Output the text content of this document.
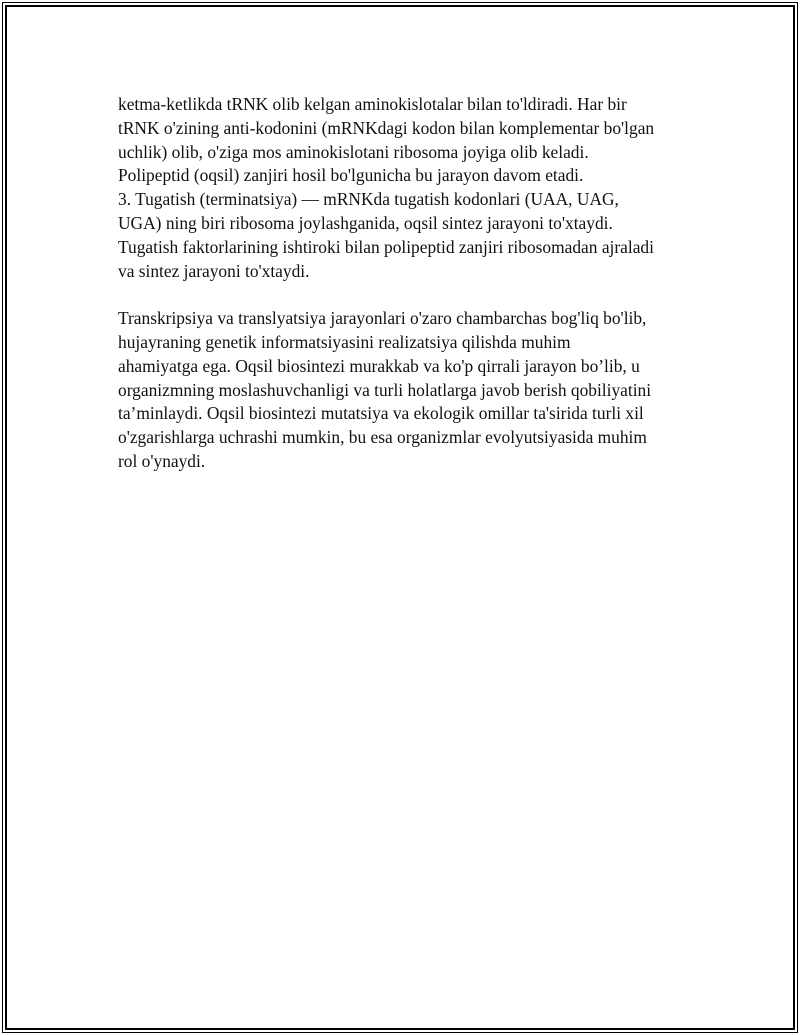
ketma-ketlikda tRNK olib kelgan aminokislotalar bilan to'ldiradi. Har bir
tRNK o'zining anti-kodonini (mRNKdagi kodon bilan komplementar bo'lgan
uchlik) olib, o'ziga mos aminokislotani ribosoma joyiga olib keladi.
Polipeptid (oqsil) zanjiri hosil bo'lgunicha bu jarayon davom etadi.
3. Tugatish (terminatsiya) — mRNKda tugatish kodonlari (UAA, UAG,
UGA) ning biri ribosoma joylashganida, oqsil sintez jarayoni to'xtaydi.
Tugatish faktorlarining ishtiroki bilan polipeptid zanjiri ribosomadan ajraladi
va sintez jarayoni to'xtaydi.
Transkripsiya va translyatsiya jarayonlari o'zaro chambarchas bog'liq bo'lib,
hujayraning genetik informatsiyasini realizatsiya qilishda muhim
ahamiyatga ega. Oqsil biosintezi murakkab va ko'p qirrali jarayon bo’lib, u
organizmning moslashuvchanligi va turli holatlarga javob berish qobiliyatini
ta’minlaydi. Oqsil biosintezi mutatsiya va ekologik omillar ta'sirida turli xil
o'zgarishlarga uchrashi mumkin, bu esa organizmlar evolyutsiyasida muhim
rol o'ynaydi.
